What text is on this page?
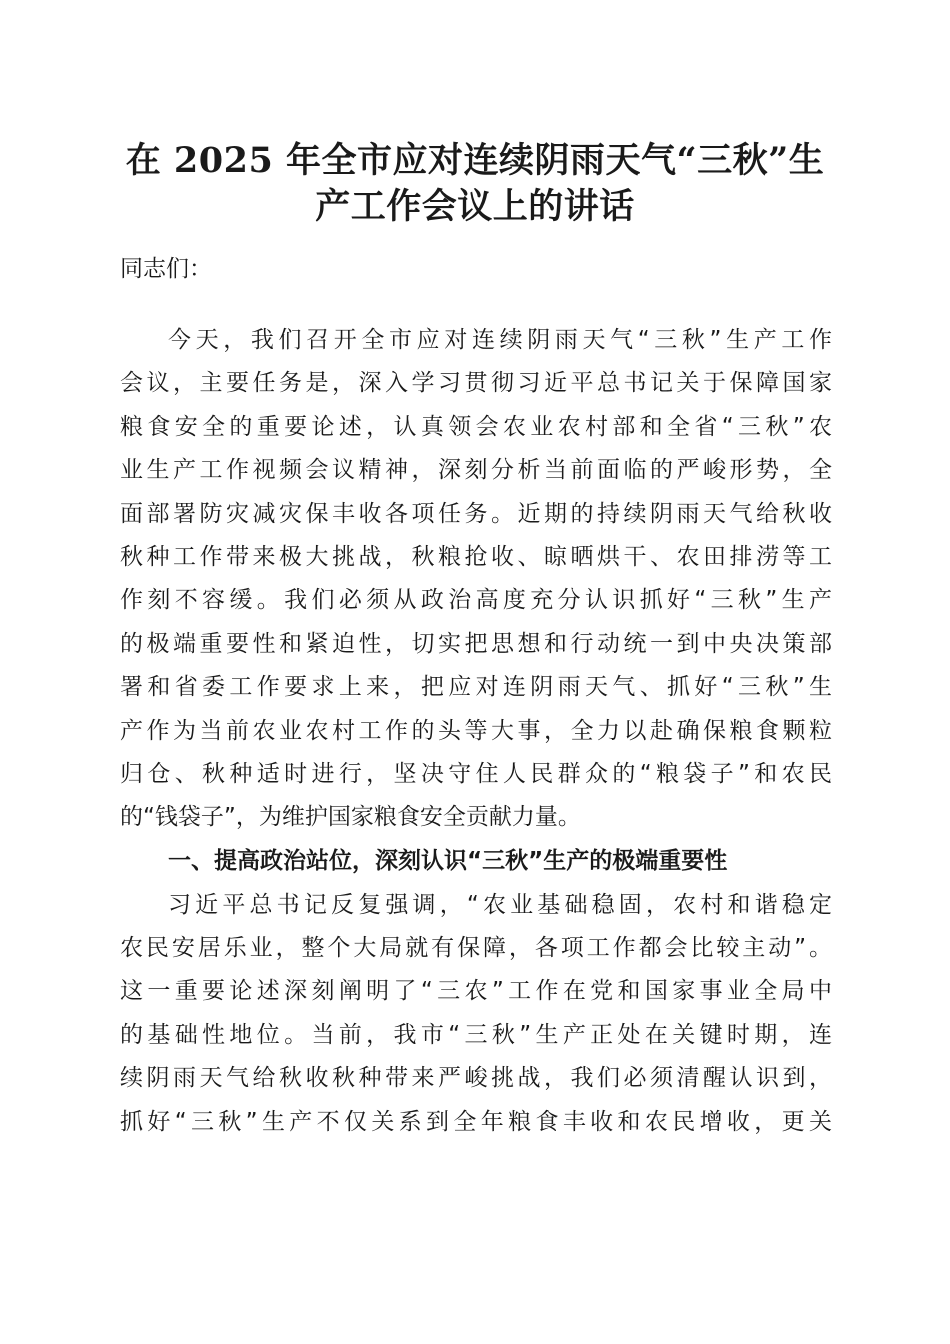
在 2025 年全市应对连续阴雨天气“三秋”生
产工作会议上的讲话
同志们：
今天，我们召开全市应对连续阴雨天气“三秋”生产工作
会议，主要任务是，深入学习贯彻习近平总书记关于保障国家
粮食安全的重要论述，认真领会农业农村部和全省“三秋”农
业生产工作视频会议精神，深刻分析当前面临的严峻形势，全
面部署防灾减灾保丰收各项任务。近期的持续阴雨天气给秋收
秋种工作带来极大挑战，秋粮抢收、晾晒烘干、农田排涝等工
作刻不容缓。我们必须从政治高度充分认识抓好“三秋”生产
的极端重要性和紧迫性，切实把思想和行动统一到中央决策部
署和省委工作要求上来，把应对连阴雨天气、抓好“三秋”生
产作为当前农业农村工作的头等大事，全力以赴确保粮食颗粒
归仓、秋种适时进行，坚决守住人民群众的“粮袋子”和农民
的“钱袋子”，为维护国家粮食安全贡献力量。
一、提高政治站位，深刻认识“三秋”生产的极端重要性
习近平总书记反复强调，“农业基础稳固，农村和谐稳定
农民安居乐业，整个大局就有保障，各项工作都会比较主动”。
这一重要论述深刻阐明了“三农”工作在党和国家事业全局中
的基础性地位。当前，我市“三秋”生产正处在关键时期，连
续阴雨天气给秋收秋种带来严峻挑战，我们必须清醒认识到，
抓好“三秋”生产不仅关系到全年粮食丰收和农民增收，更关
